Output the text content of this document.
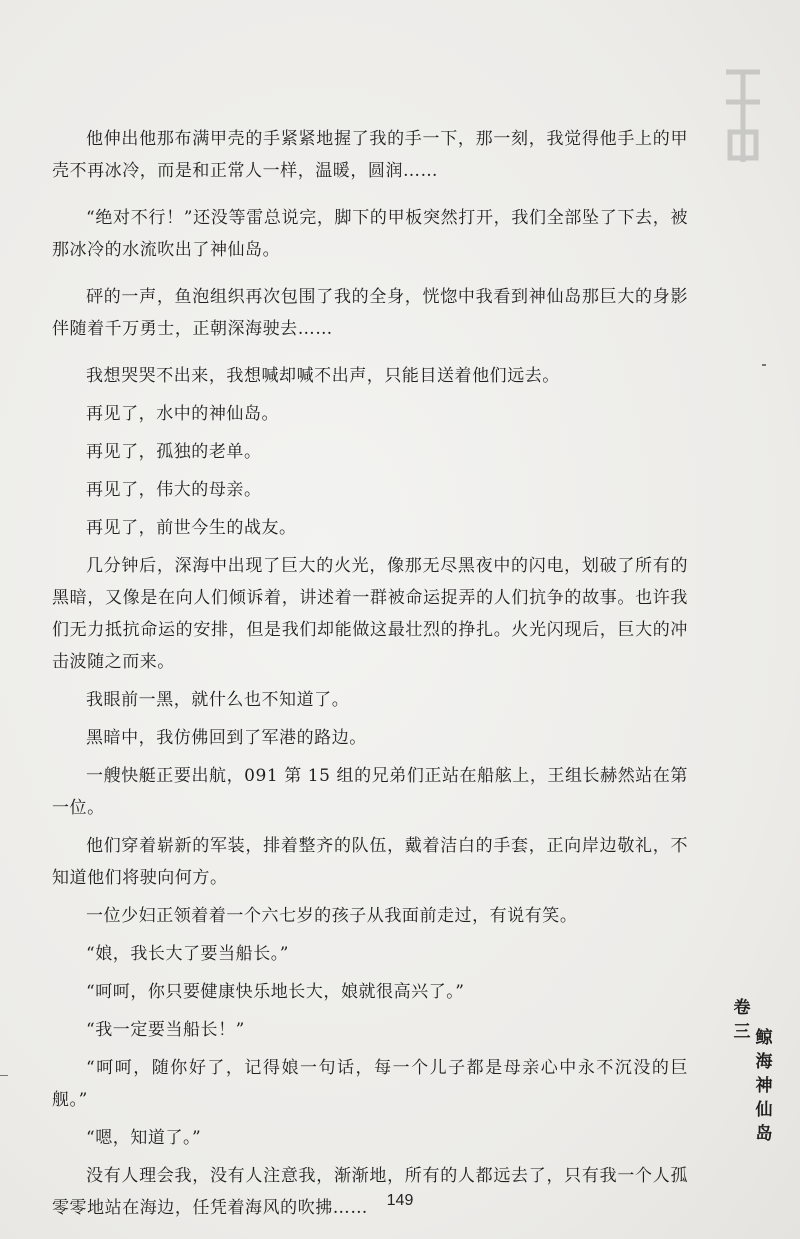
他伸出他那布满甲壳的手紧紧地握了我的手一下，那一刻，我觉得他手上的甲壳不再冰冷，而是和正常人一样，温暖，圆润……

“绝对不行！”还没等雷总说完，脚下的甲板突然打开，我们全部坠了下去，被那冰冷的水流吹出了神仙岛。

砰的一声，鱼泡组织再次包围了我的全身，恍惚中我看到神仙岛那巨大的身影伴随着千万勇士，正朝深海驶去……

我想哭哭不出来，我想喊却喊不出声，只能目送着他们远去。

再见了，水中的神仙岛。

再见了，孤独的老单。

再见了，伟大的母亲。

再见了，前世今生的战友。

几分钟后，深海中出现了巨大的火光，像那无尽黑夜中的闪电，划破了所有的黑暗，又像是在向人们倾诉着，讲述着一群被命运捉弄的人们抗争的故事。也许我们无力抵抗命运的安排，但是我们却能做这最壮烈的挣扎。火光闪现后，巨大的冲击波随之而来。

我眼前一黑，就什么也不知道了。

黑暗中，我仿佛回到了军港的路边。

一艘快艇正要出航，091 第 15 组的兄弟们正站在船舷上，王组长赫然站在第一位。

他们穿着崭新的军装，排着整齐的队伍，戴着洁白的手套，正向岸边敬礼，不知道他们将驶向何方。

一位少妇正领着着一个六七岁的孩子从我面前走过，有说有笑。

“娘，我长大了要当船长。”

“呵呵，你只要健康快乐地长大，娘就很高兴了。”

“我一定要当船长！”

“呵呵，随你好了，记得娘一句话，每一个儿子都是母亲心中永不沉没的巨舰。”

“嗯，知道了。”

没有人理会我，没有人注意我，渐渐地，所有的人都远去了，只有我一个人孤零零地站在海边，任凭着海风的吹拂……

卷三 鲸海神仙岛
149
